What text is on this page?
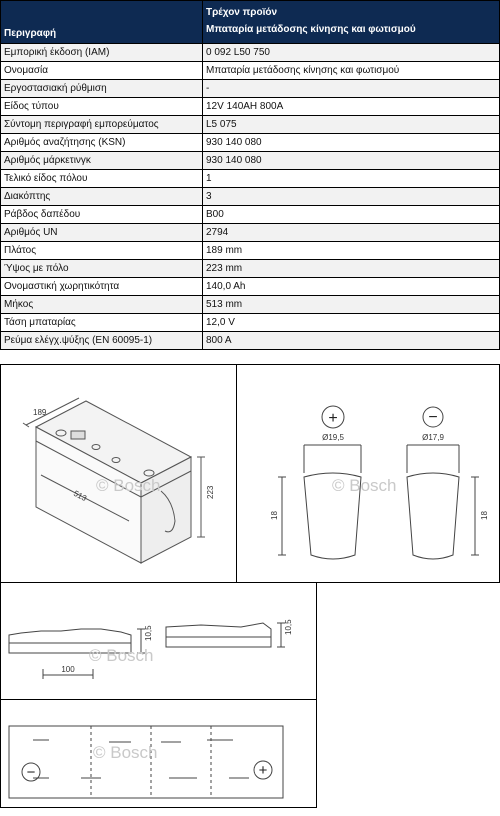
Περιγραφή	Τρέχον προϊόν
Μπαταρία μετάδοσης κίνησης και φωτισμού

Εμπορική έκδοση (IAM)	0 092 L50 750
Ονομασία	Μπαταρία μετάδοσης κίνησης και φωτισμού
Εργοστασιακή ρύθμιση	-
Είδος τύπου	12V 140AH 800A
Σύντομη περιγραφή εμπορεύματος	L5 075
Αριθμός αναζήτησης (KSN)	930 140 080
Αριθμός μάρκετινγκ	930 140 080
Τελικό είδος πόλου	1
Διακόπτης	3
Ράβδος δαπέδου	B00
Αριθμός UN	2794
Πλάτος	189 mm
Ύψος με πόλο	223 mm
Ονομαστική χωρητικότητα	140,0 Ah
Μήκος	513 mm
Τάση μπαταρίας	12,0 V
Ρεύμα ελέγχ.ψύξης (EN 60095-1)	800 A
189
513	223
© Bosch
+	−
Ø19,5	Ø17,9
18	18
© Bosch
100
10,5	10,5
© Bosch
−	+
© Bosch
